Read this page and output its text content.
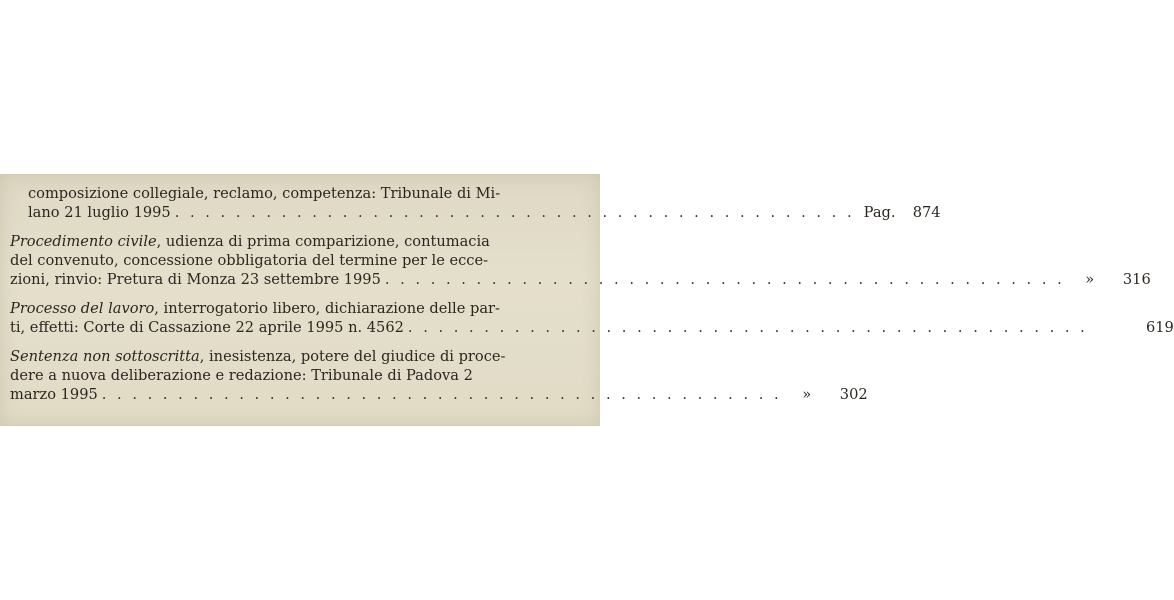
composizione collegiale, reclamo, competenza: Tribunale di Mi-
lano 21 luglio 1995 . . . . . . . . . . . . . . . . . . . . . . . . . . . . . . . . . . . . . . . . . . . . . Pag.	874
Procedimento civile, udienza di prima comparizione, contumacia
del convenuto, concessione obbligatoria del termine per le ecce-
zioni, rinvio: Pretura di Monza 23 settembre 1995 . . . . . . . . . . . . . . . . . . . . . . . . . . . . . . . . . . . . . . . . . . . . .	»	316
Processo del lavoro, interrogatorio libero, dichiarazione delle par-
ti, effetti: Corte di Cassazione 22 aprile 1995 n. 4562 . . . . . . . . . . . . . . . . . . . . . . . . . . . . . . . . . . . . . . . . . . . . .	619
Sentenza non sottoscritta, inesistenza, potere del giudice di proce-
dere a nuova deliberazione e redazione: Tribunale di Padova 2
marzo 1995 . . . . . . . . . . . . . . . . . . . . . . . . . . . . . . . . . . . . . . . . . . . . .	»	302
